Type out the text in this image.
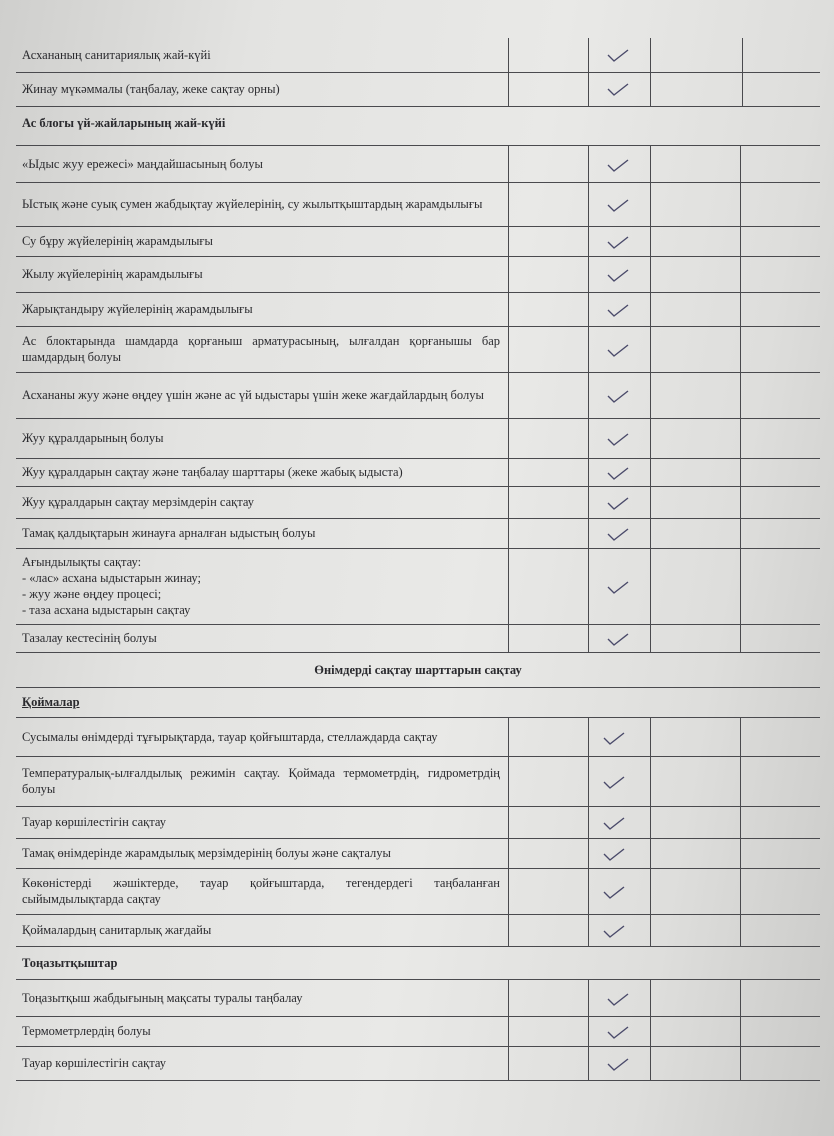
Асхананың санитариялық жай-күйі
Жинау мүкәммалы (таңбалау, жеке сақтау орны)
Ас блогы үй-жайларының жай-күйі
«Ыдыс жуу ережесі» маңдайшасының болуы
Ыстық және суық сумен жабдықтау жүйелерінің, су жылытқыштардың жарамдылығы
Су бұру жүйелерінің жарамдылығы
Жылу жүйелерінің жарамдылығы
Жарықтандыру жүйелерінің жарамдылығы
Ас блоктарында шамдарда қорғаныш арматурасының, ылғалдан қорғанышы бар шамдардың болуы
Асхананы жуу және өңдеу үшін және ас үй ыдыстары үшін жеке жағдайлардың болуы
Жуу құралдарының болуы
Жуу құралдарын сақтау және таңбалау шарттары (жеке жабық ыдыста)
Жуу құралдарын сақтау мерзімдерін сақтау
Тамақ қалдықтарын жинауға арналған ыдыстың болуы
Ағындылықты сақтау:
- «лас» асхана ыдыстарын жинау;
- жуу және өңдеу процесі;
- таза асхана ыдыстарын сақтау
Тазалау кестесінің болуы
Өнімдерді сақтау шарттарын сақтау
Қоймалар
Сусымалы өнімдерді тұғырықтарда, тауар қойғыштарда, стеллаждарда сақтау
Температуралық-ылғалдылық режимін сақтау. Қоймада термометрдің, гидрометрдің болуы
Тауар көршілестігін сақтау
Тамақ өнімдерінде жарамдылық мерзімдерінің болуы және сақталуы
Көкөністерді жәшіктерде, тауар қойғыштарда, тегендердегі таңбаланған сыйымдылықтарда сақтау
Қоймалардың санитарлық жағдайы
Тоңазытқыштар
Тоңазытқыш жабдығының мақсаты туралы таңбалау
Термометрлердің болуы
Тауар көршілестігін сақтау
